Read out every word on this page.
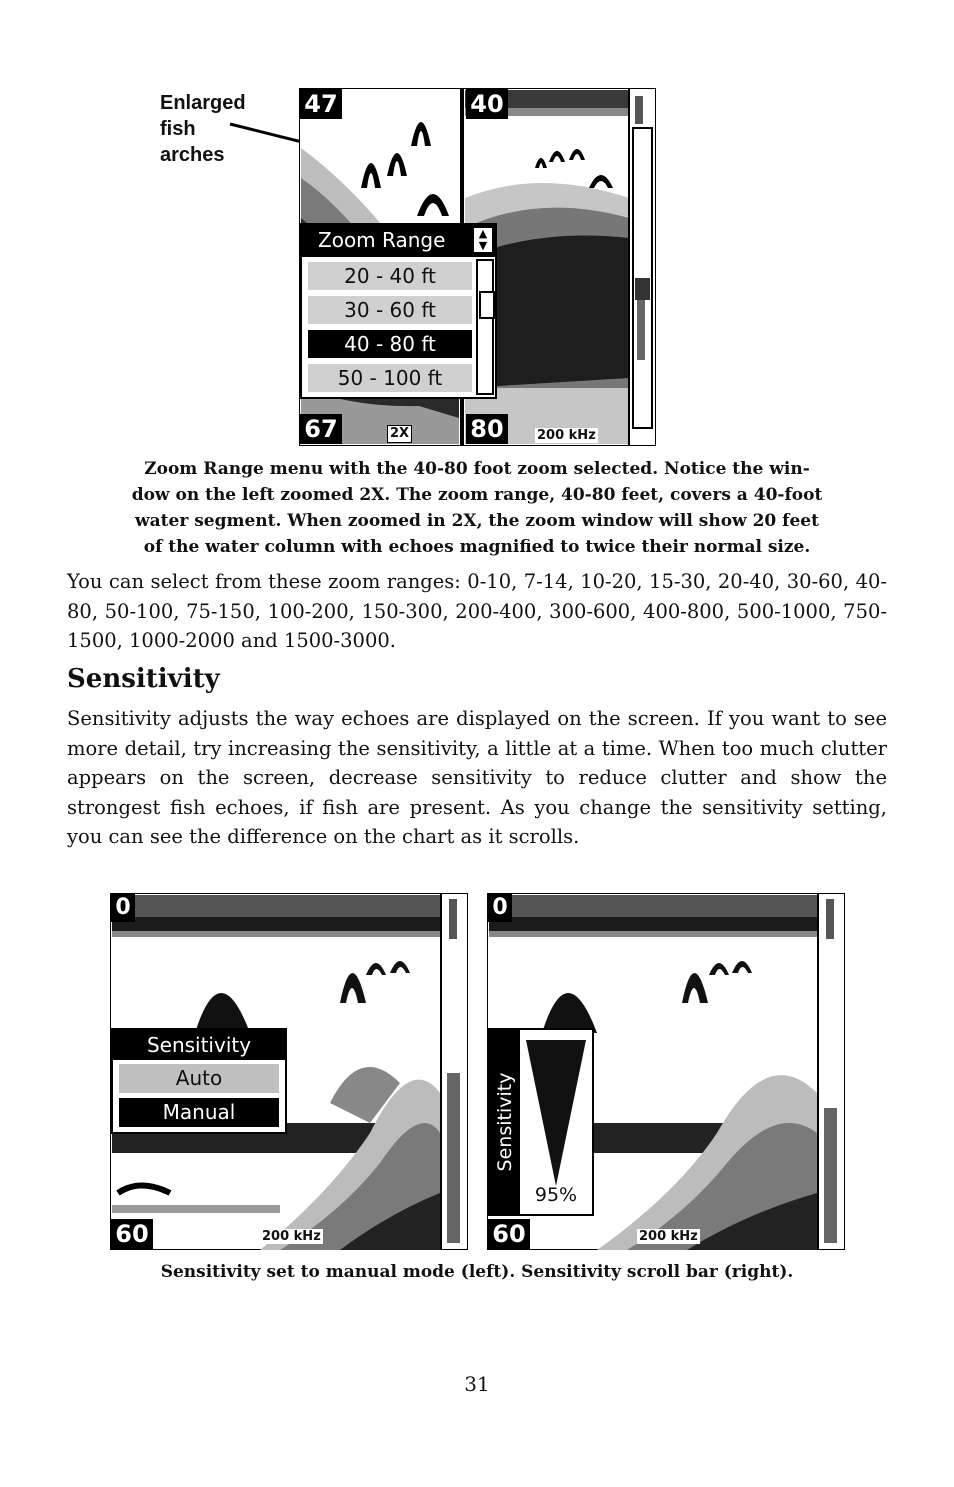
Enlarged
fish
arches
47	40
67	80
2X	200 kHz
Zoom Range	▲
▼
20 - 40 ft
30 - 60 ft
40 - 80 ft
50 - 100 ft
Zoom Range menu with the 40-80 foot zoom selected. Notice the win-
dow on the left zoomed 2X. The zoom range, 40-80 feet, covers a 40-foot
water segment. When zoomed in 2X, the zoom window will show 20 feet
of the water column with echoes magnified to twice their normal size.
You can select from these zoom ranges: 0-10, 7-14, 10-20, 15-30, 20-40, 30-60, 40-80, 50-100, 75-150, 100-200, 150-300, 200-400, 300-600, 400-800, 500-1000, 750-1500, 1000-2000 and 1500-3000.
Sensitivity
Sensitivity adjusts the way echoes are displayed on the screen. If you want to see more detail, try increasing the sensitivity, a little at a time. When too much clutter appears on the screen, decrease sensitivity to reduce clutter and show the strongest fish echoes, if fish are present. As you change the sensitivity setting, you can see the difference on the chart as it scrolls.
0
60	200 kHz
Sensitivity
Auto
Manual
0
60	200 kHz
Sensitivity
95%
Sensitivity set to manual mode (left). Sensitivity scroll bar (right).
31
